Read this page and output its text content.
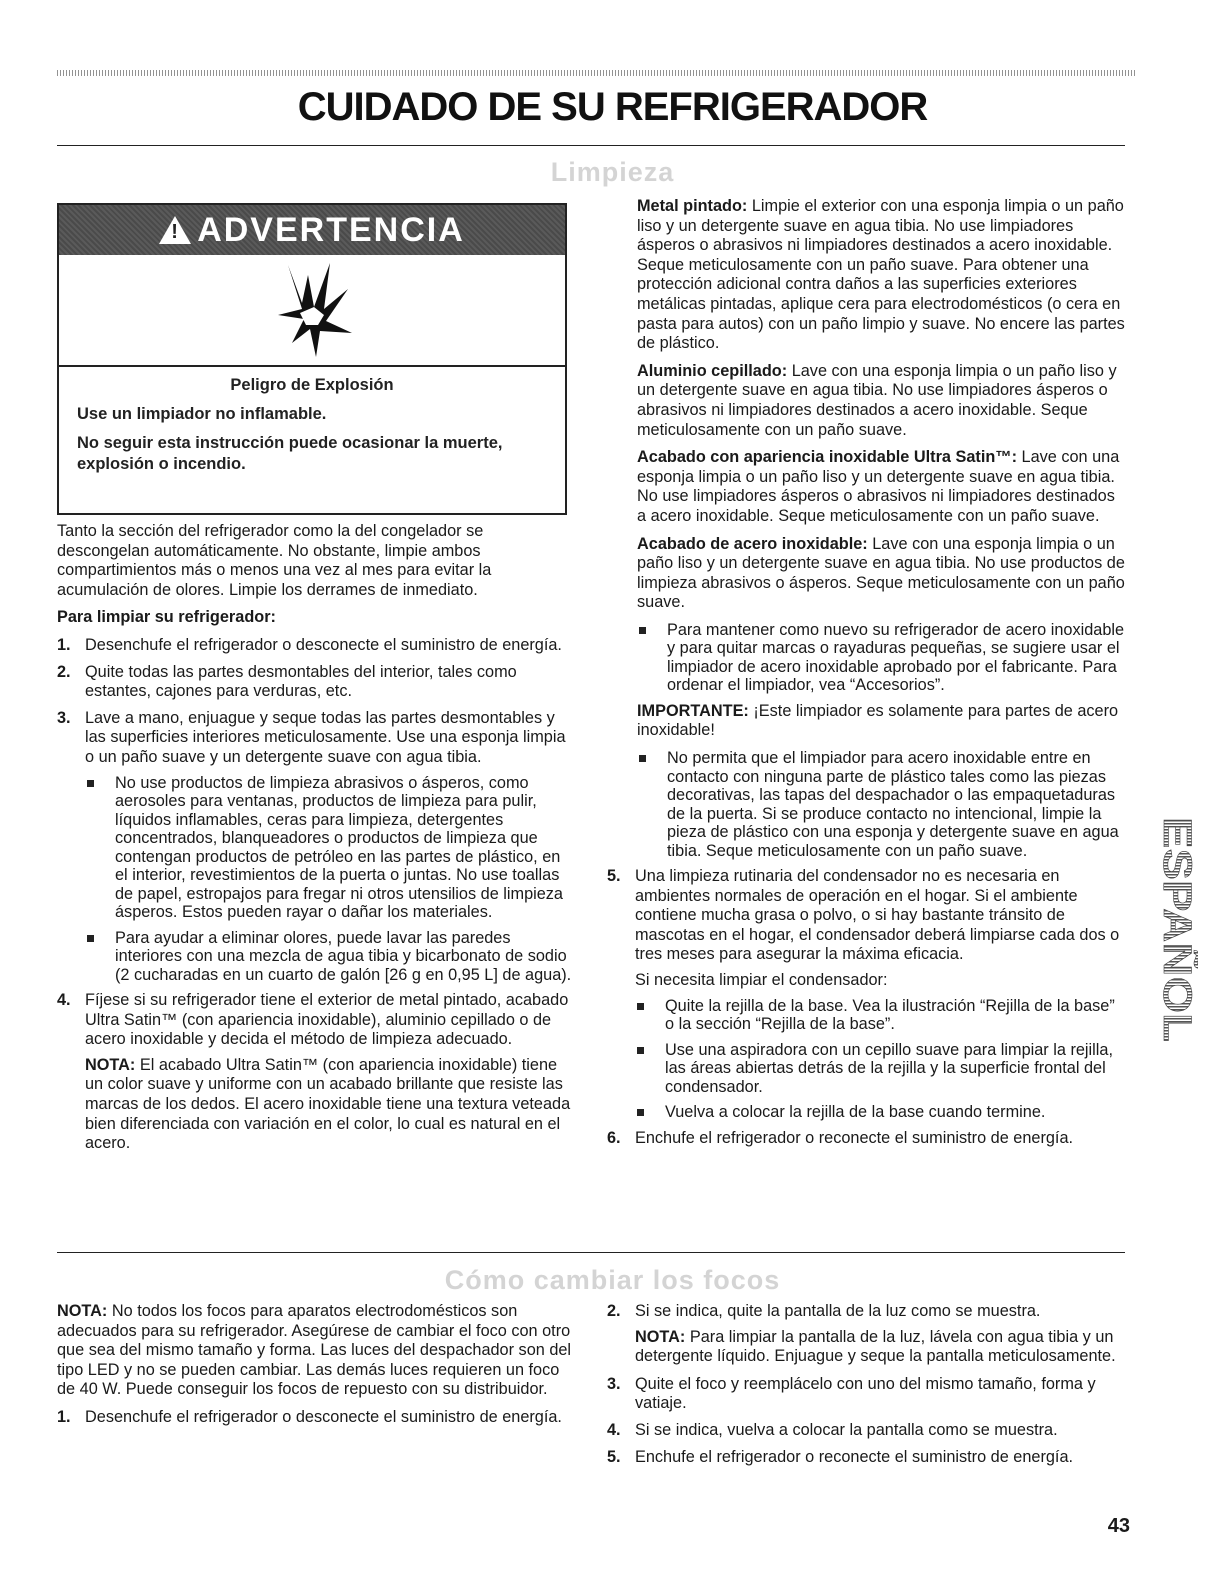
CUIDADO DE SU REFRIGERADOR
Limpieza
!
ADVERTENCIA

Peligro de Explosión

Use un limpiador no inflamable.

No seguir esta instrucción puede ocasionar la muerte, explosión o incendio.

Tanto la sección del refrigerador como la del congelador se descongelan automáticamente. No obstante, limpie ambos compartimientos más o menos una vez al mes para evitar la acumulación de olores. Limpie los derrames de inmediato.

Para limpiar su refrigerador:

1. Desenchufe el refrigerador o desconecte el suministro de energía.
2. Quite todas las partes desmontables del interior, tales como estantes, cajones para verduras, etc.
3. Lave a mano, enjuague y seque todas las partes desmontables y las superficies interiores meticulosamente. Use una esponja limpia o un paño suave y un detergente suave con agua tibia.
No use productos de limpieza abrasivos o ásperos, como aerosoles para ventanas, productos de limpieza para pulir, líquidos inflamables, ceras para limpieza, detergentes concentrados, blanqueadores o productos de limpieza que contengan productos de petróleo en las partes de plástico, en el interior, revestimientos de la puerta o juntas. No use toallas de papel, estropajos para fregar ni otros utensilios de limpieza ásperos. Estos pueden rayar o dañar los materiales.
Para ayudar a eliminar olores, puede lavar las paredes interiores con una mezcla de agua tibia y bicarbonato de sodio (2 cucharadas en un cuarto de galón [26 g en 0,95 L] de agua).
4. Fíjese si su refrigerador tiene el exterior de metal pintado, acabado Ultra Satin™ (con apariencia inoxidable), aluminio cepillado o de acero inoxidable y decida el método de limpieza adecuado.

NOTA: El acabado Ultra Satin™ (con apariencia inoxidable) tiene un color suave y uniforme con un acabado brillante que resiste las marcas de los dedos. El acero inoxidable tiene una textura veteada bien diferenciada con variación en el color, lo cual es natural en el acero.

Metal pintado: Limpie el exterior con una esponja limpia o un paño liso y un detergente suave en agua tibia. No use limpiadores ásperos o abrasivos ni limpiadores destinados a acero inoxidable. Seque meticulosamente con un paño suave. Para obtener una protección adicional contra daños a las superficies exteriores metálicas pintadas, aplique cera para electrodomésticos (o cera en pasta para autos) con un paño limpio y suave. No encere las partes de plástico.

Aluminio cepillado: Lave con una esponja limpia o un paño liso y un detergente suave en agua tibia. No use limpiadores ásperos o abrasivos ni limpiadores destinados a acero inoxidable. Seque meticulosamente con un paño suave.

Acabado con apariencia inoxidable Ultra Satin™: Lave con una esponja limpia o un paño liso y un detergente suave en agua tibia. No use limpiadores ásperos o abrasivos ni limpiadores destinados a acero inoxidable. Seque meticulosamente con un paño suave.

Acabado de acero inoxidable: Lave con una esponja limpia o un paño liso y un detergente suave en agua tibia. No use productos de limpieza abrasivos o ásperos. Seque meticulosamente con un paño suave.

Para mantener como nuevo su refrigerador de acero inoxidable y para quitar marcas o rayaduras pequeñas, se sugiere usar el limpiador de acero inoxidable aprobado por el fabricante. Para ordenar el limpiador, vea “Accesorios”.

IMPORTANTE: ¡Este limpiador es solamente para partes de acero inoxidable!

No permita que el limpiador para acero inoxidable entre en contacto con ninguna parte de plástico tales como las piezas decorativas, las tapas del despachador o las empaquetaduras de la puerta. Si se produce contacto no intencional, limpie la pieza de plástico con una esponja y detergente suave en agua tibia. Seque meticulosamente con un paño suave.
5. Una limpieza rutinaria del condensador no es necesaria en ambientes normales de operación en el hogar. Si el ambiente contiene mucha grasa o polvo, o si hay bastante tránsito de mascotas en el hogar, el condensador deberá limpiarse cada dos o tres meses para asegurar la máxima eficacia.

Si necesita limpiar el condensador:

Quite la rejilla de la base. Vea la ilustración “Rejilla de la base” o la sección “Rejilla de la base”.
Use una aspiradora con un cepillo suave para limpiar la rejilla, las áreas abiertas detrás de la rejilla y la superficie frontal del condensador.
Vuelva a colocar la rejilla de la base cuando termine.
6. Enchufe el refrigerador o reconecte el suministro de energía.
ESPAÑOL
Cómo cambiar los focos

NOTA: No todos los focos para aparatos electrodomésticos son adecuados para su refrigerador. Asegúrese de cambiar el foco con otro que sea del mismo tamaño y forma. Las luces del despachador son del tipo LED y no se pueden cambiar. Las demás luces requieren un foco de 40 W. Puede conseguir los focos de repuesto con su distribuidor.

1. Desenchufe el refrigerador o desconecte el suministro de energía.
2. Si se indica, quite la pantalla de la luz como se muestra.

NOTA: Para limpiar la pantalla de la luz, lávela con agua tibia y un detergente líquido. Enjuague y seque la pantalla meticulosamente.

3. Quite el foco y reemplácelo con uno del mismo tamaño, forma y vatiaje.
4. Si se indica, vuelva a colocar la pantalla como se muestra.
5. Enchufe el refrigerador o reconecte el suministro de energía.
43
